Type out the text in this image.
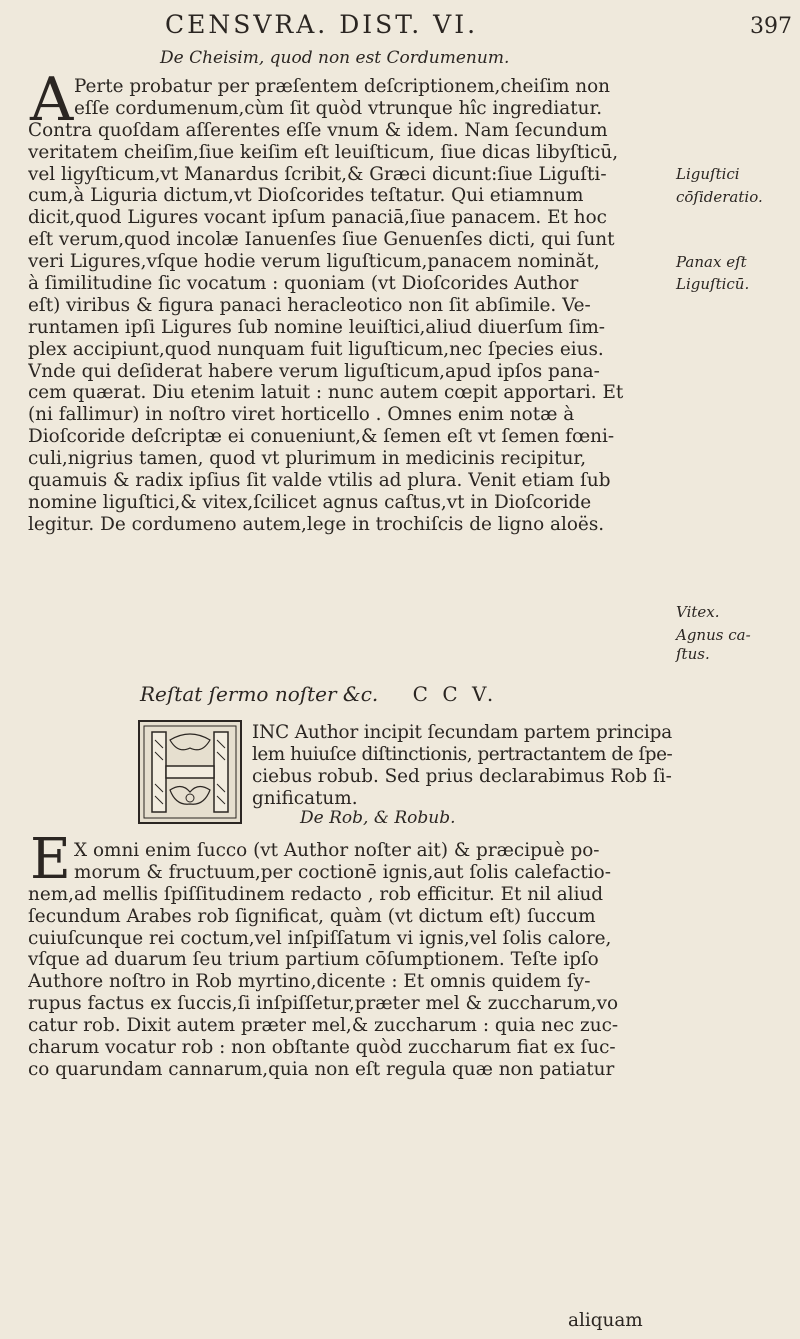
CENSVRA. DIST. VI.	397
De Cheisim, quod non est Cordumenum.
A Perte probatur per præſentem deſcriptionem,cheiſim non
eſſe cordumenum,cùm ſit quòd vtrunque hîc ingrediatur.
Contra quoſdam aſſerentes eſſe vnum & idem. Nam ſecundum
veritatem cheiſim,ſiue keiſim eſt leuiſticum, ſiue dicas libyſticū,
vel ligyſticum,vt Manardus ſcribit,& Græci dicunt:ſiue Liguſti-
cum,à Liguria dictum,vt Dioſcorides teſtatur. Qui etiamnum
dicit,quod Ligures vocant ipſum panaciā,ſiue panacem. Et hoc
eſt verum,quod incolæ Ianuenſes ſiue Genuenſes dicti, qui ſunt
veri Ligures,vſque hodie verum liguſticum,panacem nominăt,
à ſimilitudine ſic vocatum : quoniam (vt Dioſcorides Author
eſt) viribus & figura panaci heracleotico non ſit abſimile. Ve-
runtamen ipſi Ligures ſub nomine leuiſtici,aliud diuerſum ſim-
plex accipiunt,quod nunquam fuit liguſticum,nec ſpecies eius.
Vnde qui deſiderat habere verum liguſticum,apud ipſos pana-
cem quærat. Diu etenim latuit : nunc autem cœpit apportari. Et
(ni fallimur) in noſtro viret horticello . Omnes enim notæ à
Dioſcoride deſcriptæ ei conueniunt,& ſemen eſt vt ſemen fœni-
culi,nigrius tamen, quod vt plurimum in medicinis recipitur,
quamuis & radix ipſius ſit valde vtilis ad plura. Venit etiam ſub
nomine liguſtici,& vitex,ſcilicet agnus caſtus,vt in Dioſcoride
legitur. De cordumeno autem,lege in trochiſcis de ligno aloës.
Liguſtici
cōſideratio.
Panax eſt
Liguſticū.
Vitex.
Agnus ca-
ſtus.
Reſtat ſermo noſter &c. C C V.
INC Author incipit ſecundam partem principa
lem huiuſce diſtinctionis, pertractantem de ſpe-
ciebus robub. Sed prius declarabimus Rob ſi-
gnificatum.
De Rob, & Robub.
E X omni enim ſucco (vt Author noſter ait) & præcipuè po-
morum & fructuum,per coctionē ignis,aut ſolis calefactio-
nem,ad mellis ſpiſſitudinem redacto , rob efficitur. Et nil aliud
ſecundum Arabes rob ſignificat, quàm (vt dictum eſt) ſuccum
cuiuſcunque rei coctum,vel inſpiſſatum vi ignis,vel ſolis calore,
vſque ad duarum ſeu trium partium cōſumptionem. Teſte ipſo
Authore noſtro in Rob myrtino,dicente : Et omnis quidem ſy-
rupus factus ex ſuccis,ſi inſpiſſetur,præter mel & zuccharum,vo
catur rob. Dixit autem præter mel,& zuccharum : quia nec zuc-
charum vocatur rob : non obſtante quòd zuccharum fiat ex ſuc-
co quarundam cannarum,quia non eſt regula quæ non patiatur
aliquam
